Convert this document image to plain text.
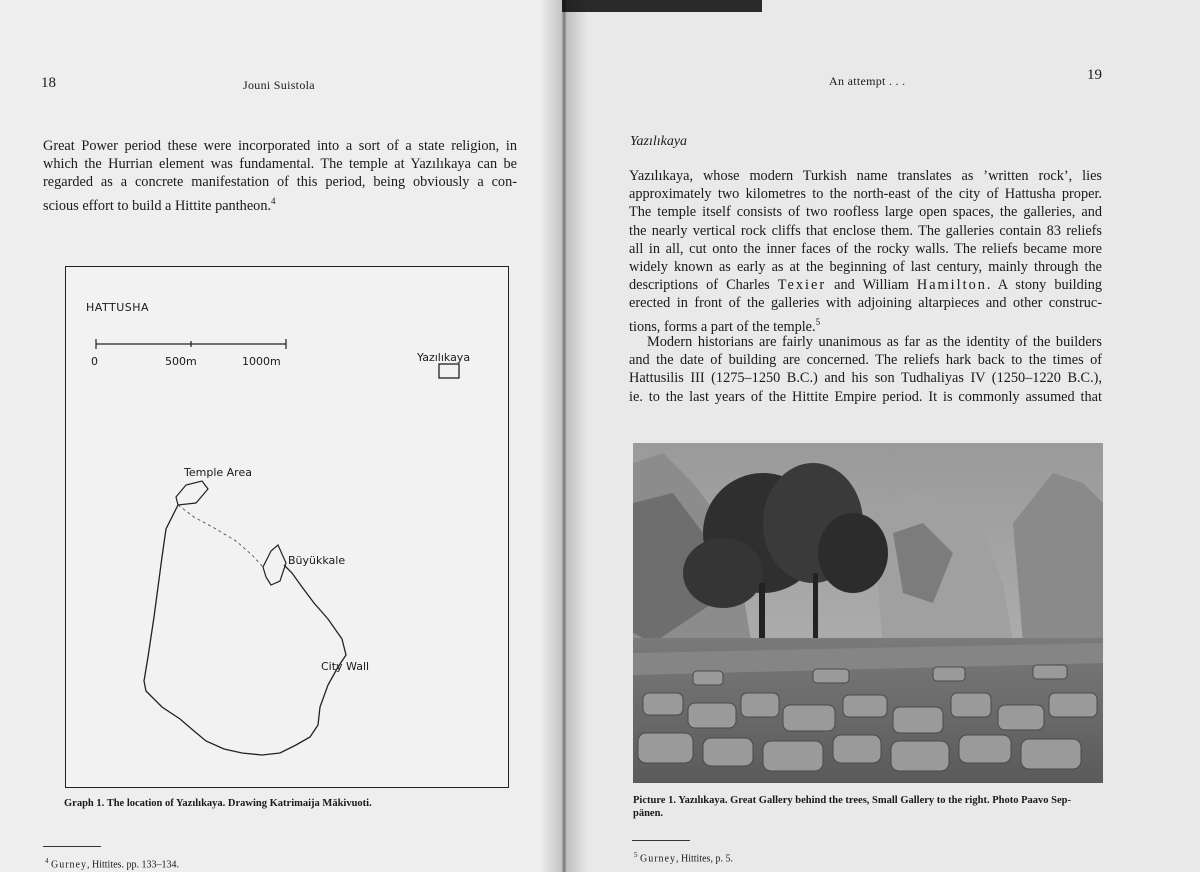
18	Jouni Suistola

Great Power period these were incorporated into a sort of a state religion, in

which the Hurrian element was fundamental. The temple at Yazılıkaya can be

regarded as a concrete manifestation of this period, being obviously a con-

scious effort to build a Hittite pantheon.$^4$

HATTUSHA
0	500m	1000m	Yazılıkaya
Temple Area
Büyükkale
City Wall
Graph 1. The location of Yazılıkaya. Drawing Katrimaija Mäkivuoti.
$^4$ Gurney, Hittites. pp. 133–134.
19
An attempt . . .
Yazılıkaya

Yazılıkaya, whose modern Turkish name translates as ’written rock’, lies

approximately two kilometres to the north-east of the city of Hattusha proper.

The temple itself consists of two roofless large open spaces, the galleries, and

the nearly vertical rock cliffs that enclose them. The galleries contain 83 reliefs

all in all, cut onto the inner faces of the rocky walls. The reliefs became more

widely known as early as at the beginning of last century, mainly through the

descriptions of Charles Texier and William Hamilton. A stony building

erected in front of the galleries with adjoining altarpieces and other construc-

tions, forms a part of the temple.$^5$

Modern historians are fairly unanimous as far as the identity of the builders

and the date of building are concerned. The reliefs hark back to the times of

Hattusilis III (1275–1250 B.C.) and his son Tudhaliyas IV (1250–1220 B.C.),

ie. to the last years of the Hittite Empire period. It is commonly assumed that

Picture 1. Yazılıkaya. Great Gallery behind the trees, Small Gallery to the right. Photo Paavo Sep-
pänen.
$^5$ Gurney, Hittites, p. 5.
